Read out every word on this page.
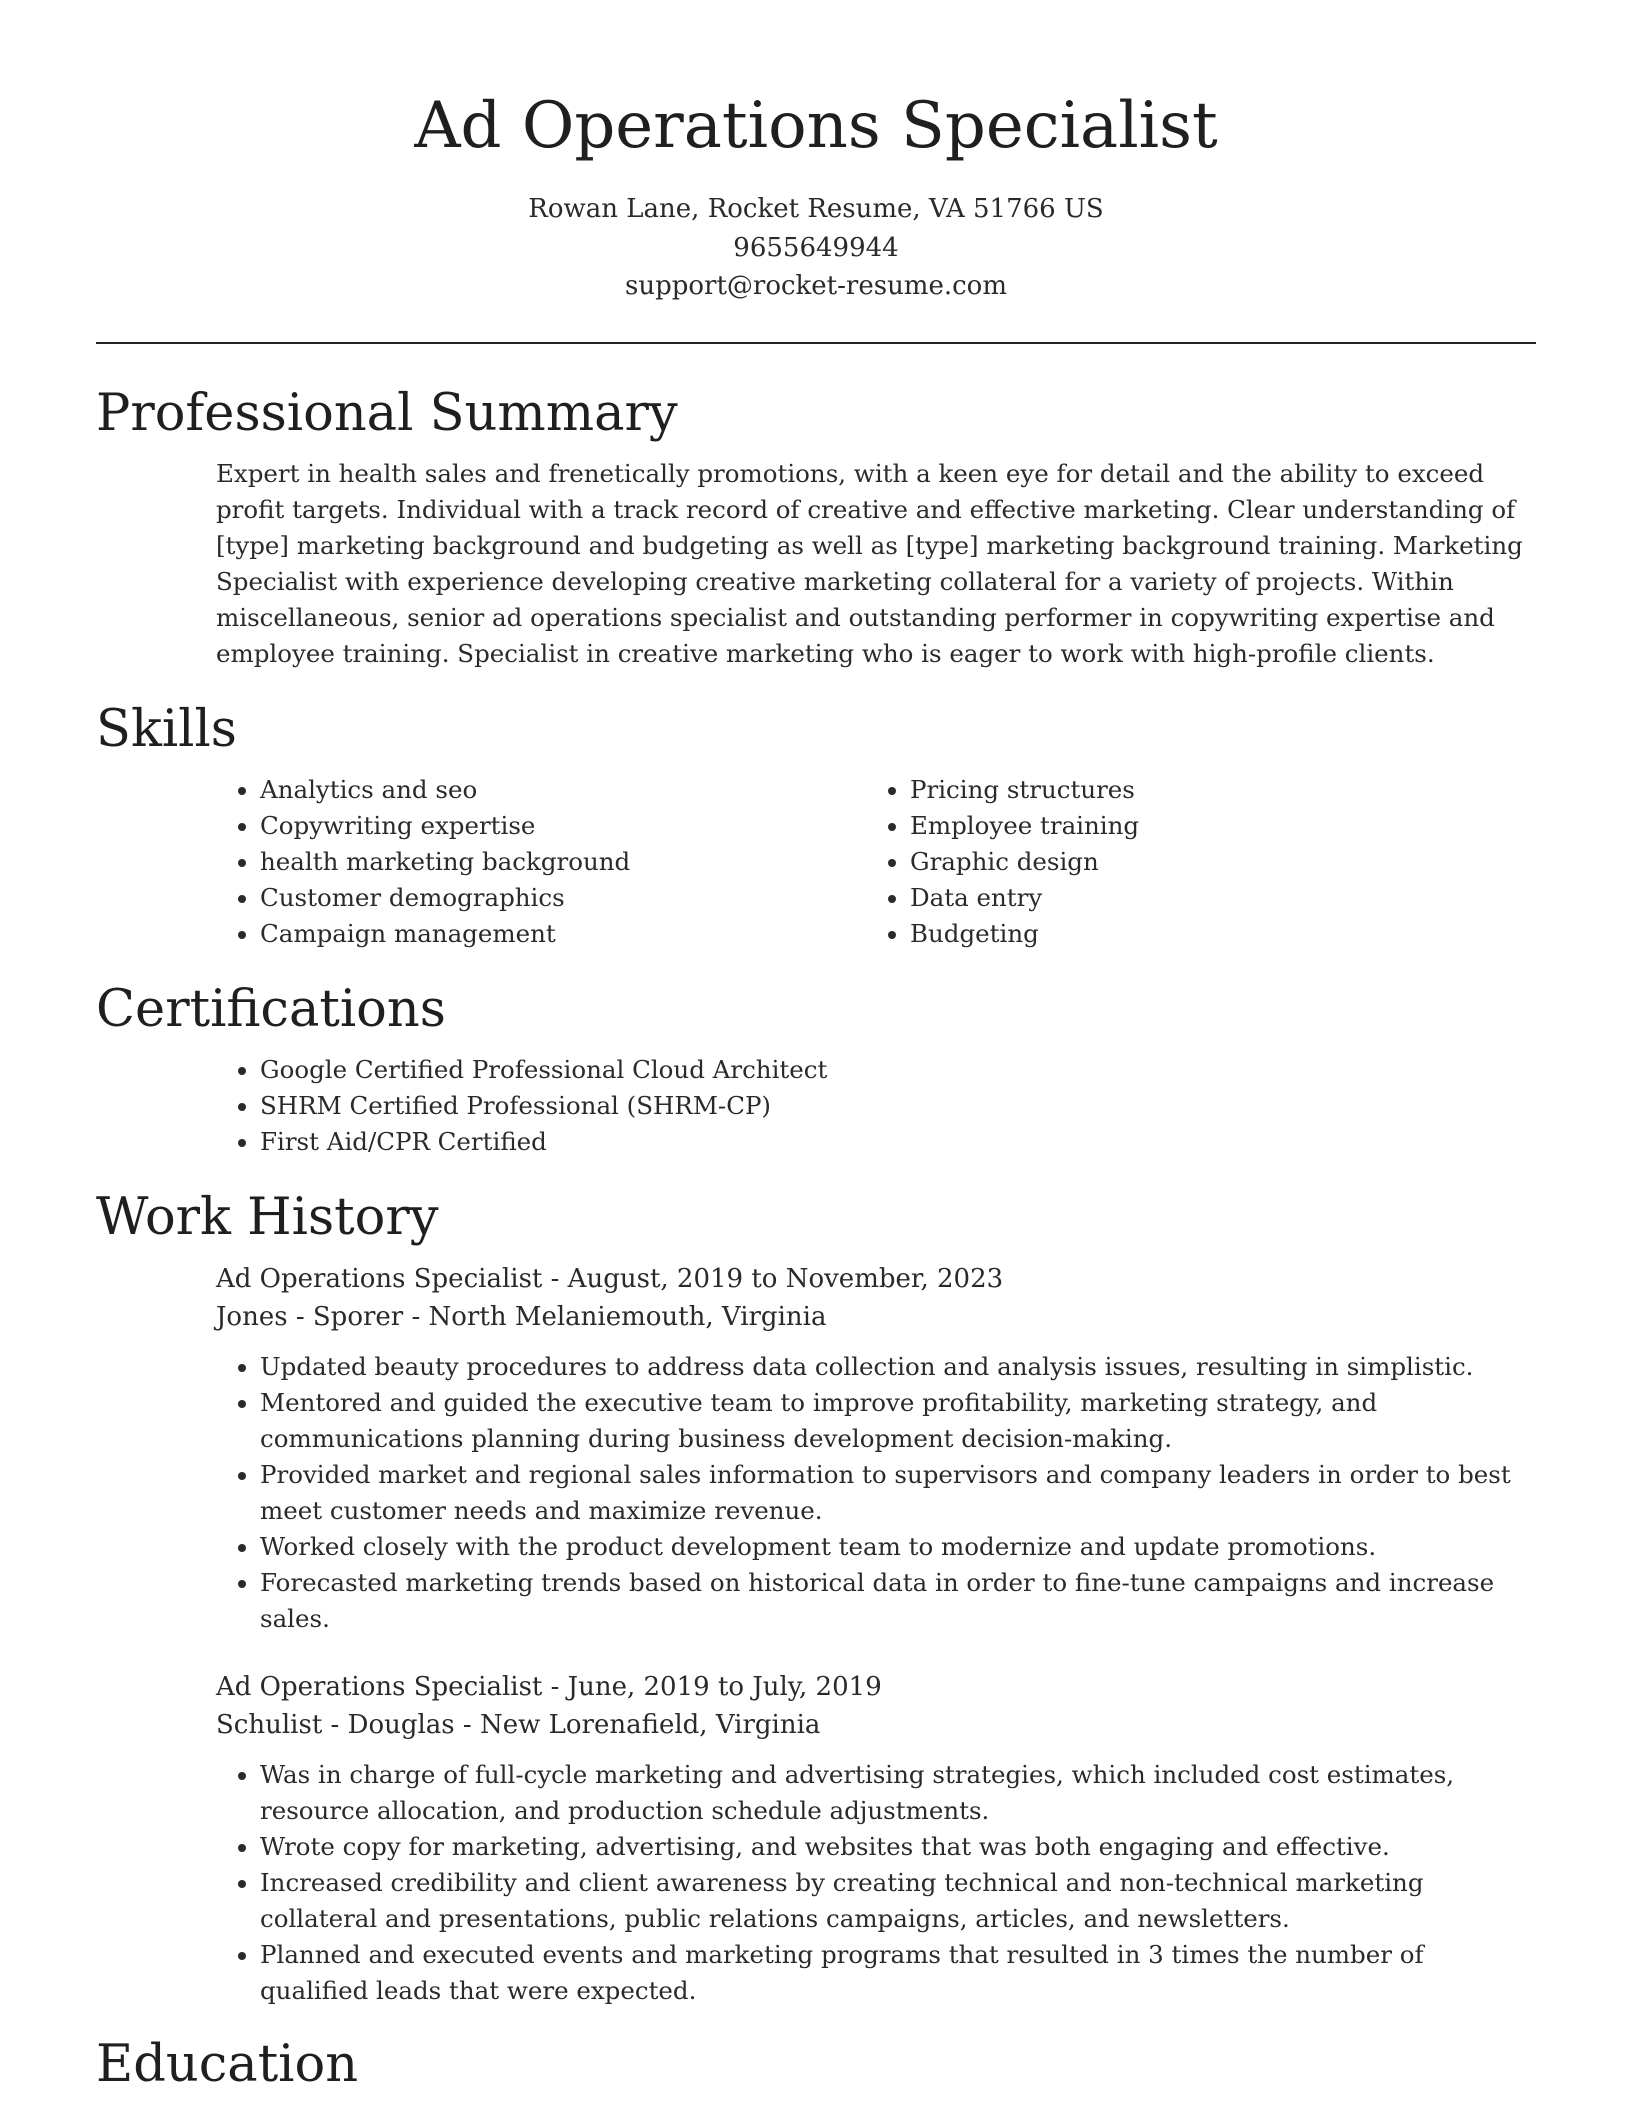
Ad Operations Specialist
Rowan Lane, Rocket Resume, VA 51766 US
9655649944
support@rocket-resume.com
Professional Summary

Expert in health sales and frenetically promotions, with a keen eye for detail and the ability to exceed profit targets. Individual with a track record of creative and effective marketing. Clear understanding of [type] marketing background and budgeting as well as [type] marketing background training. Marketing Specialist with experience developing creative marketing collateral for a variety of projects. Within miscellaneous, senior ad operations specialist and outstanding performer in copywriting expertise and employee training. Specialist in creative marketing who is eager to work with high-profile clients.

Skills
• Analytics and seo
• Copywriting expertise
• health marketing background
• Customer demographics
• Campaign management
• Pricing structures
• Employee training
• Graphic design
• Data entry
• Budgeting
Certifications
• Google Certified Professional Cloud Architect
• SHRM Certified Professional (SHRM-CP)
• First Aid/CPR Certified
Work History
Ad Operations Specialist - August, 2019 to November, 2023
Jones - Sporer - North Melaniemouth, Virginia
• Updated beauty procedures to address data collection and analysis issues, resulting in simplistic.
• Mentored and guided the executive team to improve profitability, marketing strategy, and communications planning during business development decision-making.
• Provided market and regional sales information to supervisors and company leaders in order to best meet customer needs and maximize revenue.
• Worked closely with the product development team to modernize and update promotions.
• Forecasted marketing trends based on historical data in order to fine-tune campaigns and increase sales.
Ad Operations Specialist - June, 2019 to July, 2019
Schulist - Douglas - New Lorenafield, Virginia
• Was in charge of full-cycle marketing and advertising strategies, which included cost estimates, resource allocation, and production schedule adjustments.
• Wrote copy for marketing, advertising, and websites that was both engaging and effective.
• Increased credibility and client awareness by creating technical and non-technical marketing collateral and presentations, public relations campaigns, articles, and newsletters.
• Planned and executed events and marketing programs that resulted in 3 times the number of qualified leads that were expected.
Education
